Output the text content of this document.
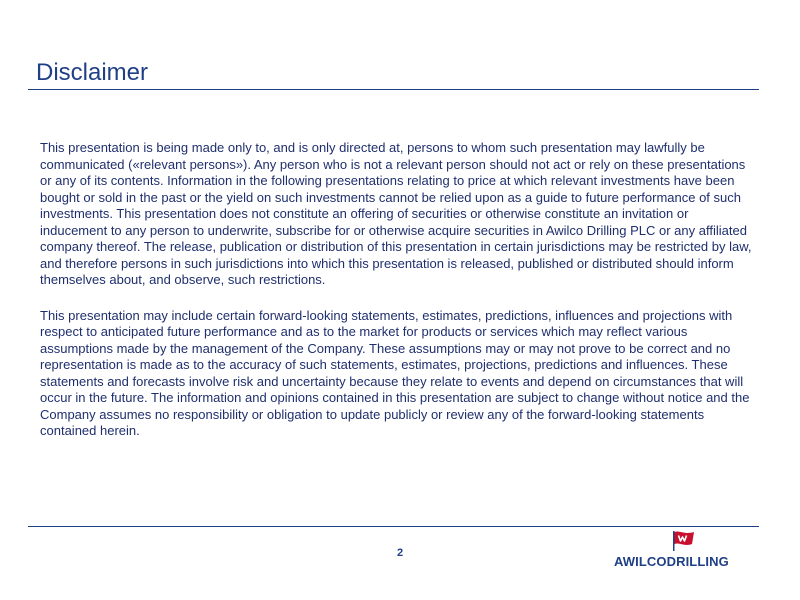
Disclaimer

This presentation is being made only to, and is only directed at, persons to whom such presentation may lawfully be communicated («relevant persons»). Any person who is not a relevant person should not act or rely on these presentations or any of its contents. Information in the following presentations relating to price at which relevant investments have been bought or sold in the past or the yield on such investments cannot be relied upon as a guide to future performance of such investments. This presentation does not constitute an offering of securities or otherwise constitute an invitation or inducement to any person to underwrite, subscribe for or otherwise acquire securities in Awilco Drilling PLC or any affiliated company thereof. The release, publication or distribution of this presentation in certain jurisdictions may be restricted by law, and therefore persons in such jurisdictions into which this presentation is released, published or distributed should inform themselves about, and observe, such restrictions.

This presentation may include certain forward-looking statements, estimates, predictions, influences and projections with respect to anticipated future performance and as to the market for products or services which may reflect various assumptions made by the management of the Company. These assumptions may or may not prove to be correct and no representation is made as to the accuracy of such statements, estimates, projections, predictions and influences. These statements and forecasts involve risk and uncertainty because they relate to events and depend on circumstances that will occur in the future. The information and opinions contained in this presentation are subject to change without notice and the Company assumes no responsibility or obligation to update publicly or review any of the forward-looking statements contained herein.

2
AWILCODRILLING
